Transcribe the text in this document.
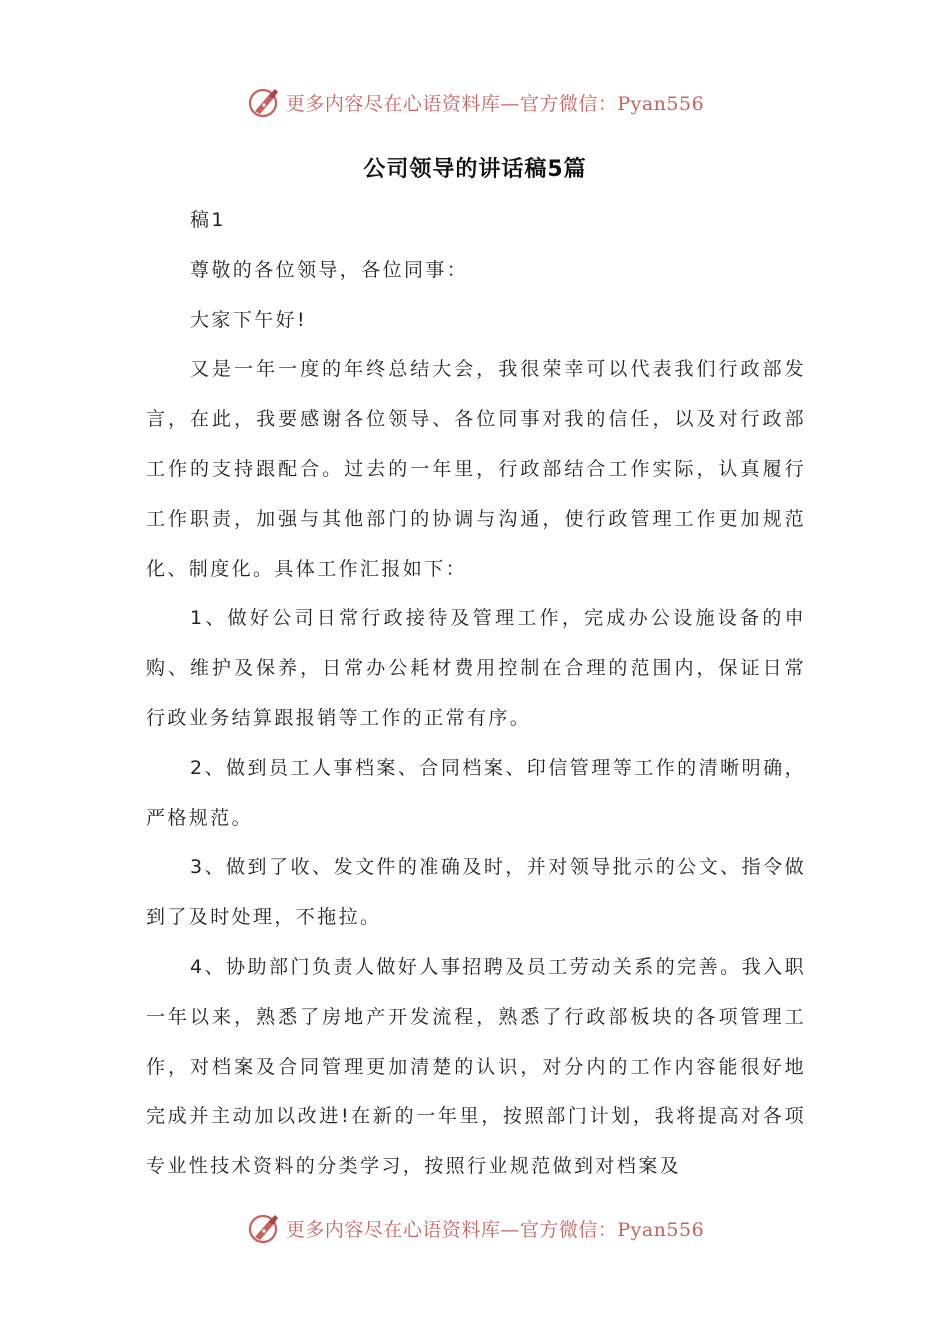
更多内容尽在心语资料库—官方微信：Pyan556
公司领导的讲话稿5篇

稿1

尊敬的各位领导，各位同事：

大家下午好!

又是一年一度的年终总结大会，我很荣幸可以代表我们行政部发言，在此，我要感谢各位领导、各位同事对我的信任，以及对行政部工作的支持跟配合。过去的一年里，行政部结合工作实际，认真履行工作职责，加强与其他部门的协调与沟通，使行政管理工作更加规范化、制度化。具体工作汇报如下：

1、做好公司日常行政接待及管理工作，完成办公设施设备的申购、维护及保养，日常办公耗材费用控制在合理的范围内，保证日常行政业务结算跟报销等工作的正常有序。

2、做到员工人事档案、合同档案、印信管理等工作的清晰明确，严格规范。

3、做到了收、发文件的准确及时，并对领导批示的公文、指令做到了及时处理，不拖拉。

4、协助部门负责人做好人事招聘及员工劳动关系的完善。我入职一年以来，熟悉了房地产开发流程，熟悉了行政部板块的各项管理工作，对档案及合同管理更加清楚的认识，对分内的工作内容能很好地完成并主动加以改进!在新的一年里，按照部门计划，我将提高对各项专业性技术资料的分类学习，按照行业规范做到对档案及

更多内容尽在心语资料库—官方微信：Pyan556
